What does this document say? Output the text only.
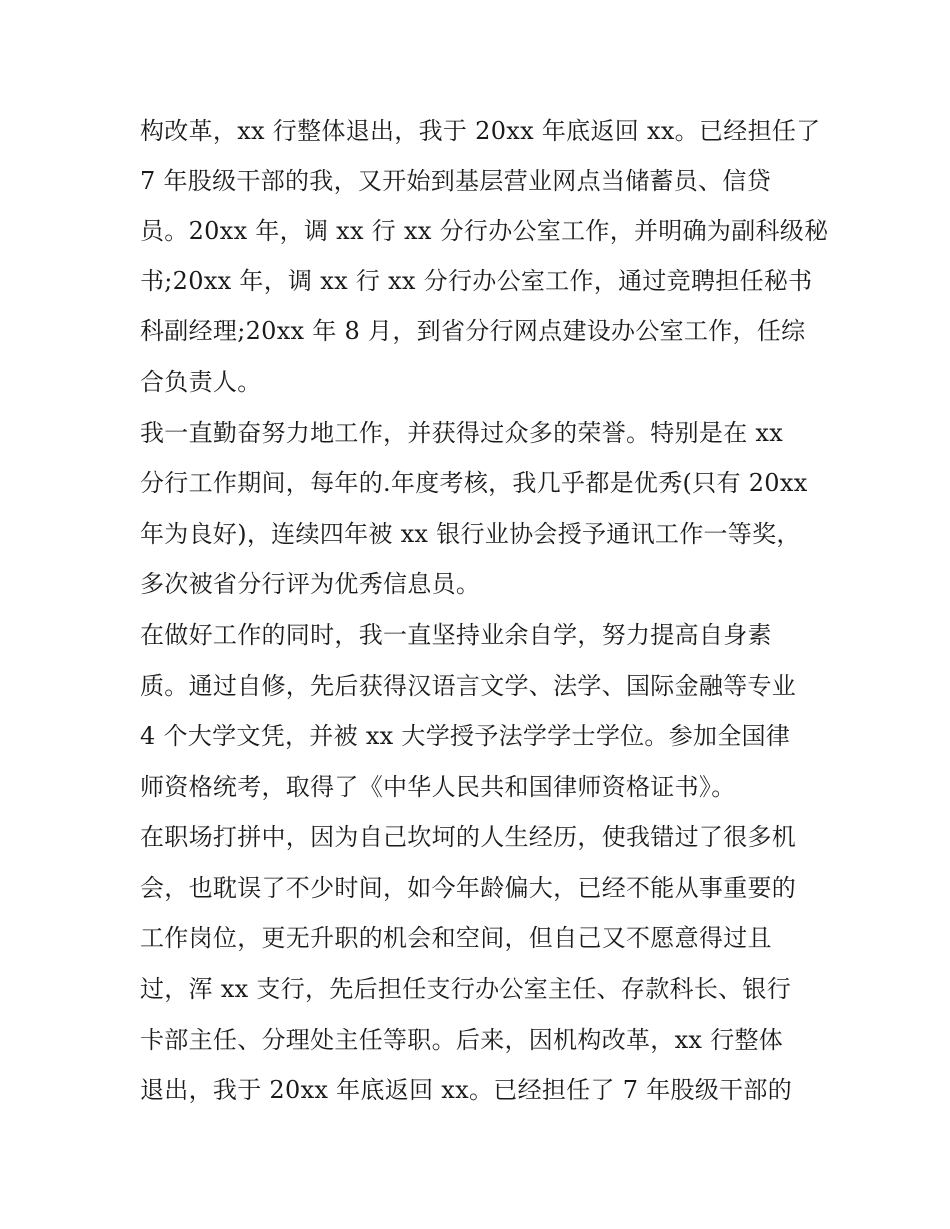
构改革，xx 行整体退出，我于 20xx 年底返回 xx。已经担任了
7 年股级干部的我，又开始到基层营业网点当储蓄员、信贷
员。20xx 年，调 xx 行 xx 分行办公室工作，并明确为副科级秘
书;20xx 年，调 xx 行 xx 分行办公室工作，通过竞聘担任秘书
科副经理;20xx 年 8 月，到省分行网点建设办公室工作，任综
合负责人。
我一直勤奋努力地工作，并获得过众多的荣誉。特别是在 xx
分行工作期间，每年的.年度考核，我几乎都是优秀(只有 20xx
年为良好)，连续四年被 xx 银行业协会授予通讯工作一等奖，
多次被省分行评为优秀信息员。
在做好工作的同时，我一直坚持业余自学，努力提高自身素
质。通过自修，先后获得汉语言文学、法学、国际金融等专业
4 个大学文凭，并被 xx 大学授予法学学士学位。参加全国律
师资格统考，取得了《中华人民共和国律师资格证书》。
在职场打拼中，因为自己坎坷的人生经历，使我错过了很多机
会，也耽误了不少时间，如今年龄偏大，已经不能从事重要的
工作岗位，更无升职的机会和空间，但自己又不愿意得过且
过，浑 xx 支行，先后担任支行办公室主任、存款科长、银行
卡部主任、分理处主任等职。后来，因机构改革，xx 行整体
退出，我于 20xx 年底返回 xx。已经担任了 7 年股级干部的
